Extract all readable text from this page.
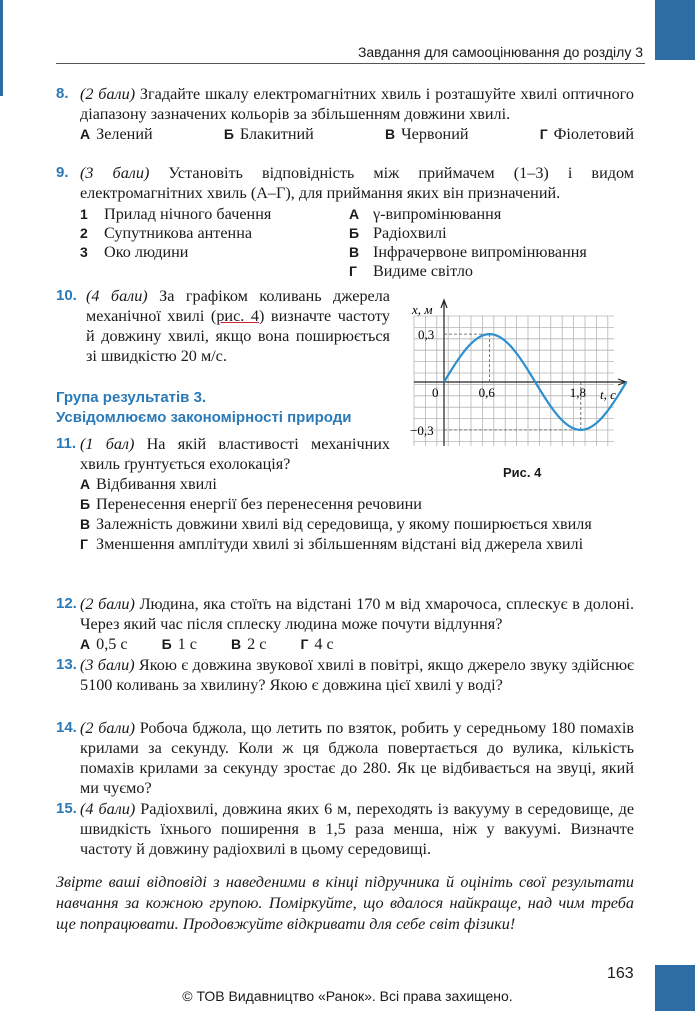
Завдання для самооцінювання до розділу 3
8. (2 бали) Згадайте шкалу електромагнітних хвиль і розташуйте хвилі оптичного діапазону зазначених кольорів за збільшенням довжини хвилі.
А Зелений	Б Блакитний	В Червоний	Г Фіолетовий
9. (3 бали) Установіть відповідність між приймачем (1–3) і видом електромагнітних хвиль (А–Г), для приймання яких він призначений.
1	Прилад нічного бачення
2	Супутникова антенна
3	Око людини
А γ-випромінювання
Б Радіохвилі
В Інфрачервоне випромінювання
Г Видиме світло
10. (4 бали) За графіком коливань джерела механічної хвилі (рис. 4) визначте частоту й довжину хвилі, якщо вона поширюється зі швидкістю 20 м/с.
x, м
t, с
0	0,6	1,8
0,3
−0,3
Рис. 4
Група результатів 3.
Усвідомлюємо закономірності природи
11. (1 бал) На якій властивості механічних хвиль ґрунтується ехолокація?
А Відбивання хвилі
Б Перенесення енергії без перенесення речовини
В Залежність довжини хвилі від середовища, у якому поширюється хвиля
Г Зменшення амплітуди хвилі зі збільшенням відстані від джерела хвилі
12. (2 бали) Людина, яка стоїть на відстані 170 м від хмарочоса, сплескує в долоні. Через який час після сплеску людина може почути відлуння?
А 0,5 с Б 1 с В 2 с Г 4 с
13. (3 бали) Якою є довжина звукової хвилі в повітрі, якщо джерело звуку здійснює 5100 коливань за хвилину? Якою є довжина цієї хвилі у воді?
14. (2 бали) Робоча бджола, що летить по взяток, робить у середньому 180 помахів крилами за секунду. Коли ж ця бджола повертається до вулика, кількість помахів крилами за секунду зростає до 280. Як це відбивається на звуці, який ми чуємо?
15. (4 бали) Радіохвилі, довжина яких 6 м, переходять із вакууму в середовище, де швидкість їхнього поширення в 1,5 раза менша, ніж у вакуумі. Визначте частоту й довжину радіохвилі в цьому середовищі.
Звірте ваші відповіді з наведеними в кінці підручника й оцініть свої результати навчання за кожною групою. Поміркуйте, що вдалося найкраще, над чим треба ще попрацювати. Продовжуйте відкривати для себе світ фізики!
163
© ТОВ Видавництво «Ранок». Всі права захищено.
